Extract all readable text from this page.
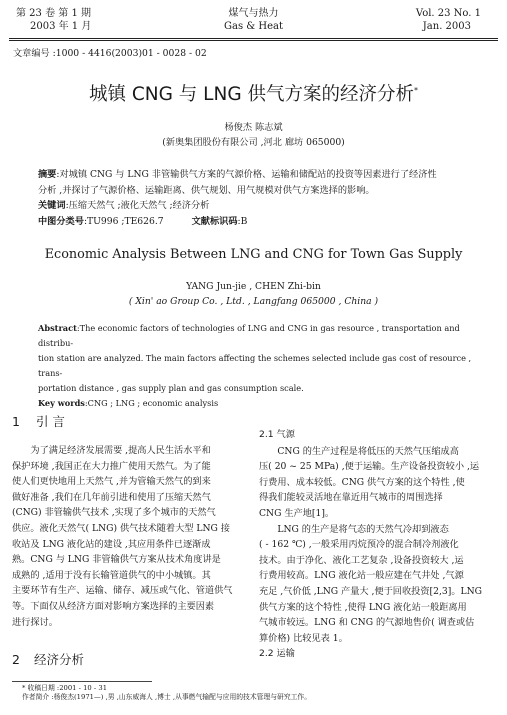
第 23 卷 第 1 期
2003 年 1 月
煤气与热力
Gas & Heat
Vol. 23 No. 1
Jan. 2003
文章编号 :1000 - 4416(2003)01 - 0028 - 02
城镇 CNG 与 LNG 供气方案的经济分析*
杨俊杰 陈志斌
(新奥集团股份有限公司 ,河北 廊坊 065000)
摘要:对城镇 CNG 与 LNG 非管输供气方案的气源价格、运输和储配站的投资等因素进行了经济性
分析 ,并探讨了气源价格、运输距离、供气规划、用气规模对供气方案选择的影响。
关键词:压缩天然气 ;液化天然气 ;经济分析
中图分类号:TU996 ;TE626.7	文献标识码:B
Economic Analysis Between LNG and CNG for Town Gas Supply
YANG Jun-jie , CHEN Zhi-bin
( Xin' ao Group Co. , Ltd. , Langfang 065000 , China )
Abstract:The economic factors of technologies of LNG and CNG in gas resource , transportation and distribu-
tion station are analyzed. The main factors affecting the schemes selected include gas cost of resource , trans-
portation distance , gas supply plan and gas consumption scale.
Key words:CNG ; LNG ; economic analysis
1 引 言
为了满足经济发展需要 ,提高人民生活水平和
保护环境 ,我国正在大力推广使用天然气。为了能
使人们更快地用上天然气 ,并为管输天然气的到来
做好准备 ,我们在几年前引进和使用了压缩天然气
(CNG) 非管输供气技术 ,实现了多个城市的天然气
供应。液化天然气( LNG) 供气技术随着大型 LNG 接
收站及 LNG 液化站的建设 ,其应用条件已逐渐成
熟。CNG 与 LNG 非管输供气方案从技术角度讲是
成熟的 ,适用于没有长输管道供气的中小城镇。其
主要环节有生产、运输、储存、减压或气化、管道供气
等。下面仅从经济方面对影响方案选择的主要因素
进行探讨。
2 经济分析
2.1 气源
CNG 的生产过程是将低压的天然气压缩成高
压( 20 ~ 25 MPa) ,便于运输。生产设备投资较小 ,运
行费用、成本较低。CNG 供气方案的这个特性 ,使
得我们能较灵活地在靠近用气城市的周围选择
CNG 生产地[1]。
LNG 的生产是将气态的天然气冷却到液态
( - 162 ℃) ,一般采用丙烷预冷的混合制冷剂液化
技术。由于净化、液化工艺复杂 ,设备投资较大 ,运
行费用较高。LNG 液化站一般应建在气井处 ,气源
充足 ,气价低 ,LNG 产量大 ,便于回收投资[2,3]。LNG
供气方案的这个特性 ,使得 LNG 液化站一般距离用
气城市较远。LNG 和 CNG 的气源地售价( 调查或估
算价格) 比较见表 1。
2.2 运输
* 收稿日期 :2001 - 10 - 31
作者简介 :杨俊杰(1971—) ,男 ,山东威海人 ,博士 ,从事燃气输配与应用的技术管理与研究工作。
